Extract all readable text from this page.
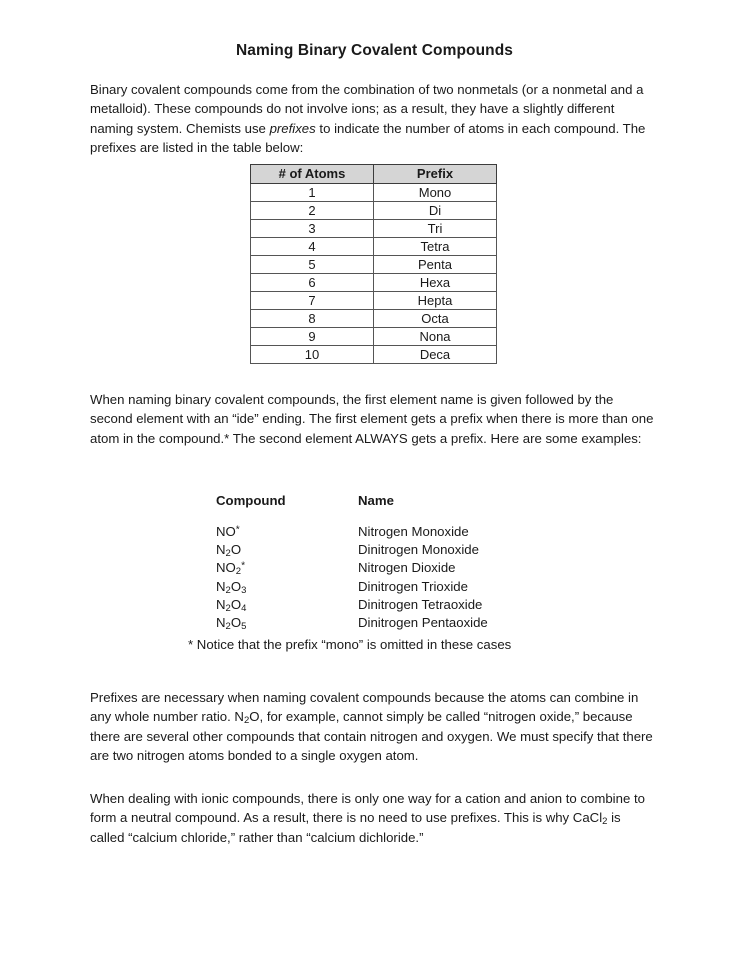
Naming Binary Covalent Compounds
Binary covalent compounds come from the combination of two nonmetals (or a nonmetal and a metalloid). These compounds do not involve ions; as a result, they have a slightly different naming system. Chemists use prefixes to indicate the number of atoms in each compound. The prefixes are listed in the table below:
# of Atoms	Prefix
1	Mono
2	Di
3	Tri
4	Tetra
5	Penta
6	Hexa
7	Hepta
8	Octa
9	Nona
10	Deca
When naming binary covalent compounds, the first element name is given followed by the second element with an “ide” ending. The first element gets a prefix when there is more than one atom in the compound.* The second element ALWAYS gets a prefix. Here are some examples:
Compound	Name
NO*	Nitrogen Monoxide
$N_2O$	Dinitrogen Monoxide
$NO_2^*$	Nitrogen Dioxide
$N_2O_3$	Dinitrogen Trioxide
$N_2O_4$	Dinitrogen Tetraoxide
$N_2O_5$	Dinitrogen Pentaoxide
* Notice that the prefix “mono” is omitted in these cases
Prefixes are necessary when naming covalent compounds because the atoms can combine in any whole number ratio. $N_2O$, for example, cannot simply be called “nitrogen oxide,” because there are several other compounds that contain nitrogen and oxygen. We must specify that there are two nitrogen atoms bonded to a single oxygen atom.
When dealing with ionic compounds, there is only one way for a cation and anion to combine to form a neutral compound. As a result, there is no need to use prefixes. This is why CaCl$_2$ is called “calcium chloride,” rather than “calcium dichloride.”
